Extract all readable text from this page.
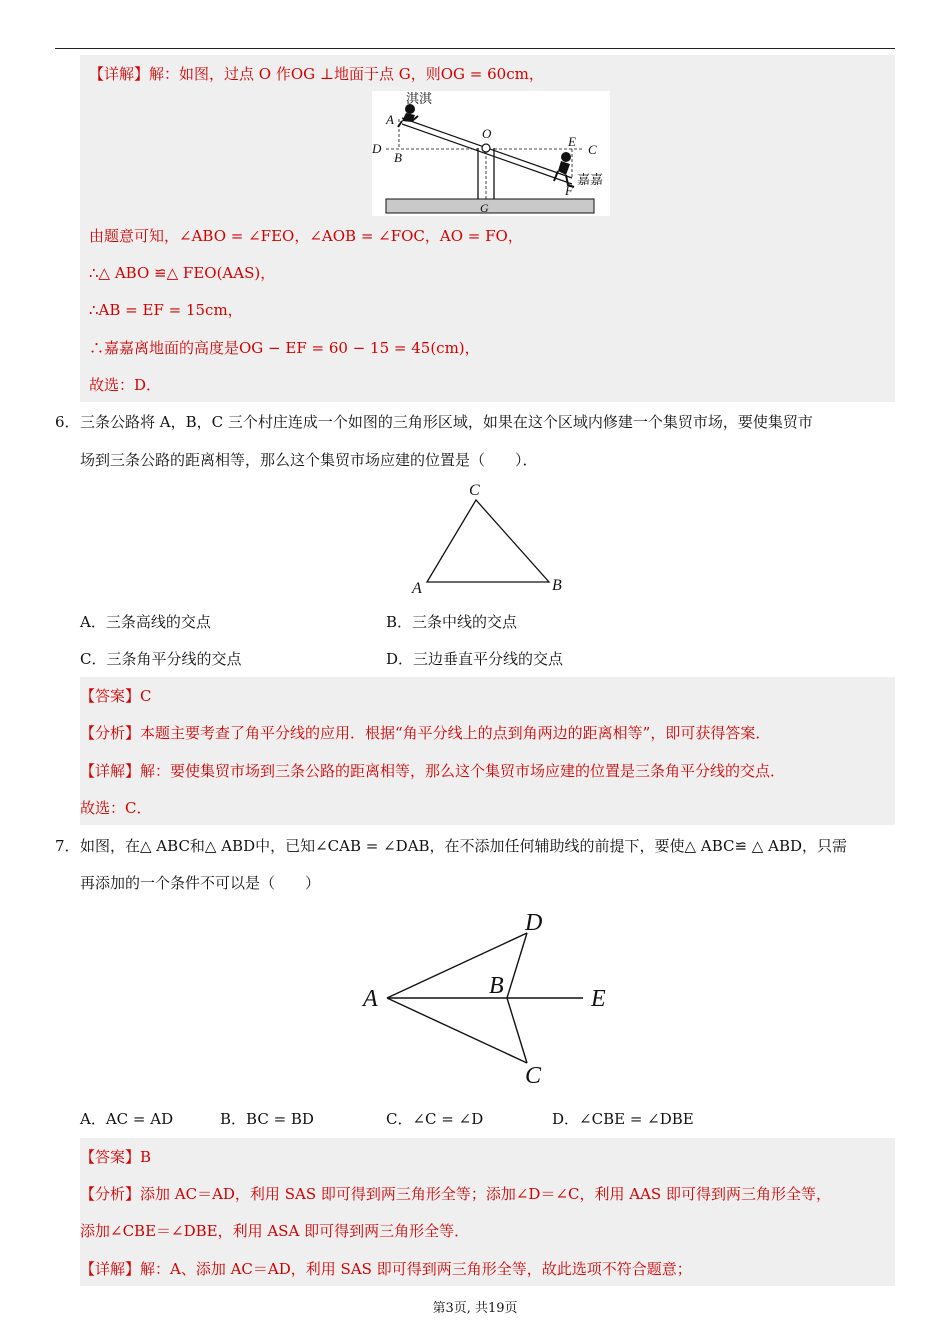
【详解】解：如图，过点 O 作OG ⊥地面于点 G，则OG = 60cm，
淇淇
A
D
B
O
E
C
嘉嘉
F
G
由题意可知，∠ABO = ∠FEO，∠AOB = ∠FOC，AO = FO，
∴△ ABO ≌△ FEO(AAS)，
∴AB = EF = 15cm，
∴嘉嘉离地面的高度是OG − EF = 60 − 15 = 45(cm)，
故选：D．
6． 三条公路将 A，B，C 三个村庄连成一个如图的三角形区域，如果在这个区域内修建一个集贸市场，要使集贸市
场到三条公路的距离相等，那么这个集贸市场应建的位置是（　　）．
C
A	B
A．三条高线的交点	B．三条中线的交点
C．三条角平分线的交点	D．三边垂直平分线的交点
【答案】C
【分析】本题主要考查了角平分线的应用．根据“角平分线上的点到角两边的距离相等”，即可获得答案．
【详解】解：要使集贸市场到三条公路的距离相等，那么这个集贸市场应建的位置是三条角平分线的交点．
故选：C．
7． 如图，在△ ABC和△ ABD中，已知∠CAB = ∠DAB，在不添加任何辅助线的前提下，要使△ ABC≌ △ ABD，只需
再添加的一个条件不可以是（　　）
D
A	B	E
C
A．AC = AD	B．BC = BD	C．∠C = ∠D	D．∠CBE = ∠DBE
【答案】B
【分析】添加 AC＝AD，利用 SAS 即可得到两三角形全等；添加∠D＝∠C，利用 AAS 即可得到两三角形全等，
添加∠CBE＝∠DBE，利用 ASA 即可得到两三角形全等．
【详解】解：A、添加 AC＝AD，利用 SAS 即可得到两三角形全等，故此选项不符合题意；
第3页, 共19页
